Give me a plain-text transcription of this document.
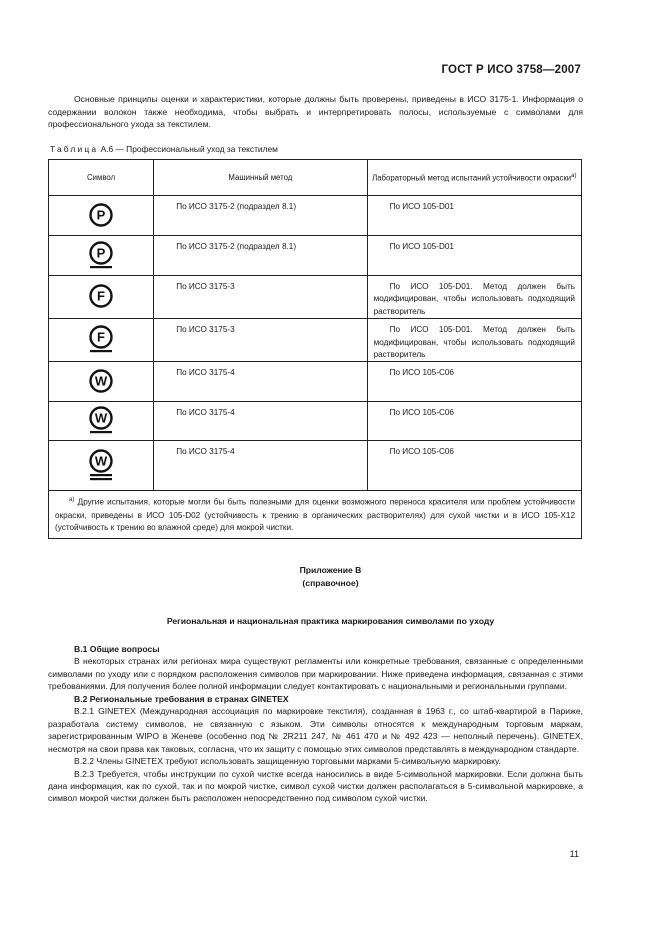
ГОСТ Р ИСО 3758—2007

Основные принципы оценки и характеристики, которые должны быть проверены, приведены в ИСО 3175-1. Информация о содержании волокон также необходима, чтобы выбрать и интерпретировать полосы, используемые с символами для профессионального ухода за текстилем.

Таблица А.6 — Профессиональный уход за текстилем
Символ	Машинный метод	Лабораторный метод испытаний устойчивости окраски$^{а)}$

P	По ИСО 3175-2 (подраздел 8.1)	По ИСО 105-D01

P	По ИСО 3175-2 (подраздел 8.1)	По ИСО 105-D01

F	По ИСО 3175-3	По ИСО 105-D01. Метод должен быть модифицирован, чтобы использовать подходящий растворитель

F	По ИСО 3175-3	По ИСО 105-D01. Метод должен быть модифицирован, чтобы использовать подходящий растворитель

W	По ИСО 3175-4	По ИСО 105-C06

W	По ИСО 3175-4	По ИСО 105-C06

W	По ИСО 3175-4	По ИСО 105-C06

$^{а)}$ Другие испытания, которые могли бы быть полезными для оценки возможного переноса красителя или проблем устойчивости окраски, приведены в ИСО 105-D02 (устойчивость к трению в органических растворителях) для сухой чистки и в ИСО 105-X12 (устойчивость к трению во влажной среде) для мокрой чистки.		
Приложение В
(справочное)
Региональная и национальная практика маркирования символами по уходу

В.1 Общие вопросы

В некоторых странах или регионах мира существуют регламенты или конкретные требования, связанные с определенными символами по уходу или с порядком расположения символов при маркировании. Ниже приведена информация, связанная с этими требованиями. Для получения более полной информации следует контактировать с национальными и региональными группами.

В.2 Региональные требования в странах GINETEX

В.2.1 GINETEX (Международная ассоциация по маркировке текстиля), созданная в 1963 г., со штаб-квартирой в Париже, разработала систему символов, не связанную с языком. Эти символы относятся к международным торговым маркам, зарегистрированным WIPO в Женеве (особенно под № 2R211 247, № 461 470 и № 492 423 — неполный перечень). GINETEX, несмотря на свои права как таковых, согласна, что их защиту с помощью этих символов представлять в международном стандарте.

В.2.2 Члены GINETEX требуют использовать защищенную торговыми марками 5-символьную маркировку.

В.2.3 Требуется, чтобы инструкции по сухой чистке всегда наносились в виде 5-символьной маркировки. Если должна быть дана информация, как по сухой, так и по мокрой чистке, символ сухой чистки должен располагаться в 5-символьной маркировке, а символ мокрой чистки должен быть расположен непосредственно под символом сухой чистки.

11
